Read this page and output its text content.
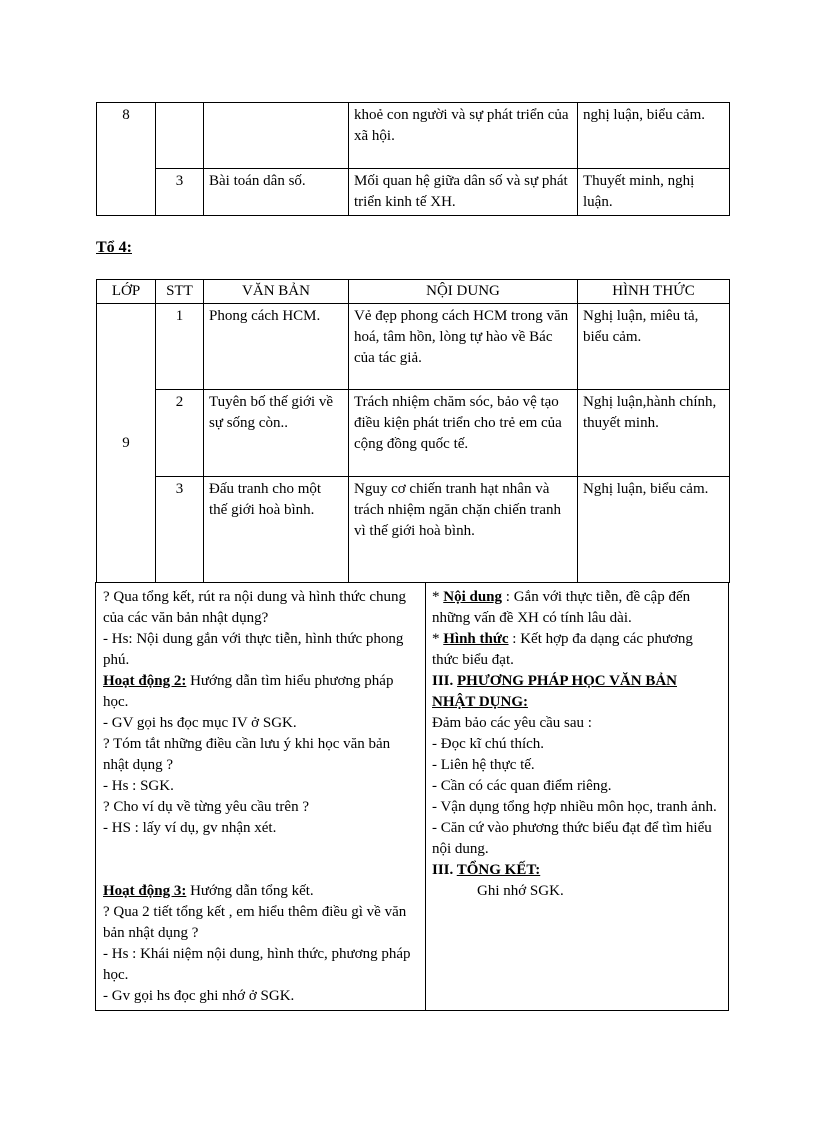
8			khoẻ con người và sự phát triển của xã hội.	nghị luận, biểu cảm.
	3	Bài toán dân số.	Mối quan hệ giữa dân số và sự phát triển kinh tế XH.	Thuyết minh, nghị luận.
Tổ 4:
LỚP	STT	VĂN BẢN	NỘI DUNG	HÌNH THỨC
9	1	Phong cách HCM.	Vẻ đẹp phong cách HCM trong văn hoá, tâm hồn, lòng tự hào về Bác của tác giả.	Nghị luận, miêu tả, biểu cảm.
	2	Tuyên bố thế giới về sự sống còn..	Trách nhiệm chăm sóc, bảo vệ tạo điều kiện phát triển cho trẻ em của cộng đồng quốc tế.	Nghị luận,hành chính, thuyết minh.
	3	Đấu tranh cho một thế giới hoà bình.	Nguy cơ chiến tranh hạt nhân và trách nhiệm ngăn chặn chiến tranh vì thế giới hoà bình.	Nghị luận, biểu cảm.

? Qua tổng kết, rút ra nội dung và hình thức chung của các văn bản nhật dụng?

- Hs: Nội dung gắn với thực tiễn, hình thức phong phú.

Hoạt động 2: Hướng dẫn tìm hiểu phương pháp học.

- GV gọi hs đọc mục IV ở SGK.

? Tóm tắt những điều cần lưu ý khi học văn bản nhật dụng ?

- Hs : SGK.

? Cho ví dụ về từng yêu cầu trên ?

- HS : lấy ví dụ, gv nhận xét.

Hoạt động 3: Hướng dẫn tổng kết.

? Qua 2 tiết tổng kết , em hiểu thêm điều gì về văn bản nhật dụng ?

- Hs : Khái niệm nội dung, hình thức, phương pháp học.

- Gv gọi hs đọc ghi nhớ ở SGK.

* Nội dung : Gắn với thực tiễn, đề cập đến những vấn đề XH có tính lâu dài.

* Hình thức : Kết hợp đa dạng các phương thức biểu đạt.

III. PHƯƠNG PHÁP HỌC VĂN BẢN NHẬT DỤNG:

Đảm bảo các yêu cầu sau :

- Đọc kĩ chú thích.

- Liên hệ thực tế.

- Cần có các quan điểm riêng.

- Vận dụng tổng hợp nhiều môn học, tranh ảnh.

- Căn cứ vào phương thức biểu đạt để tìm hiểu nội dung.

III. TỔNG KẾT:

Ghi nhớ SGK.
